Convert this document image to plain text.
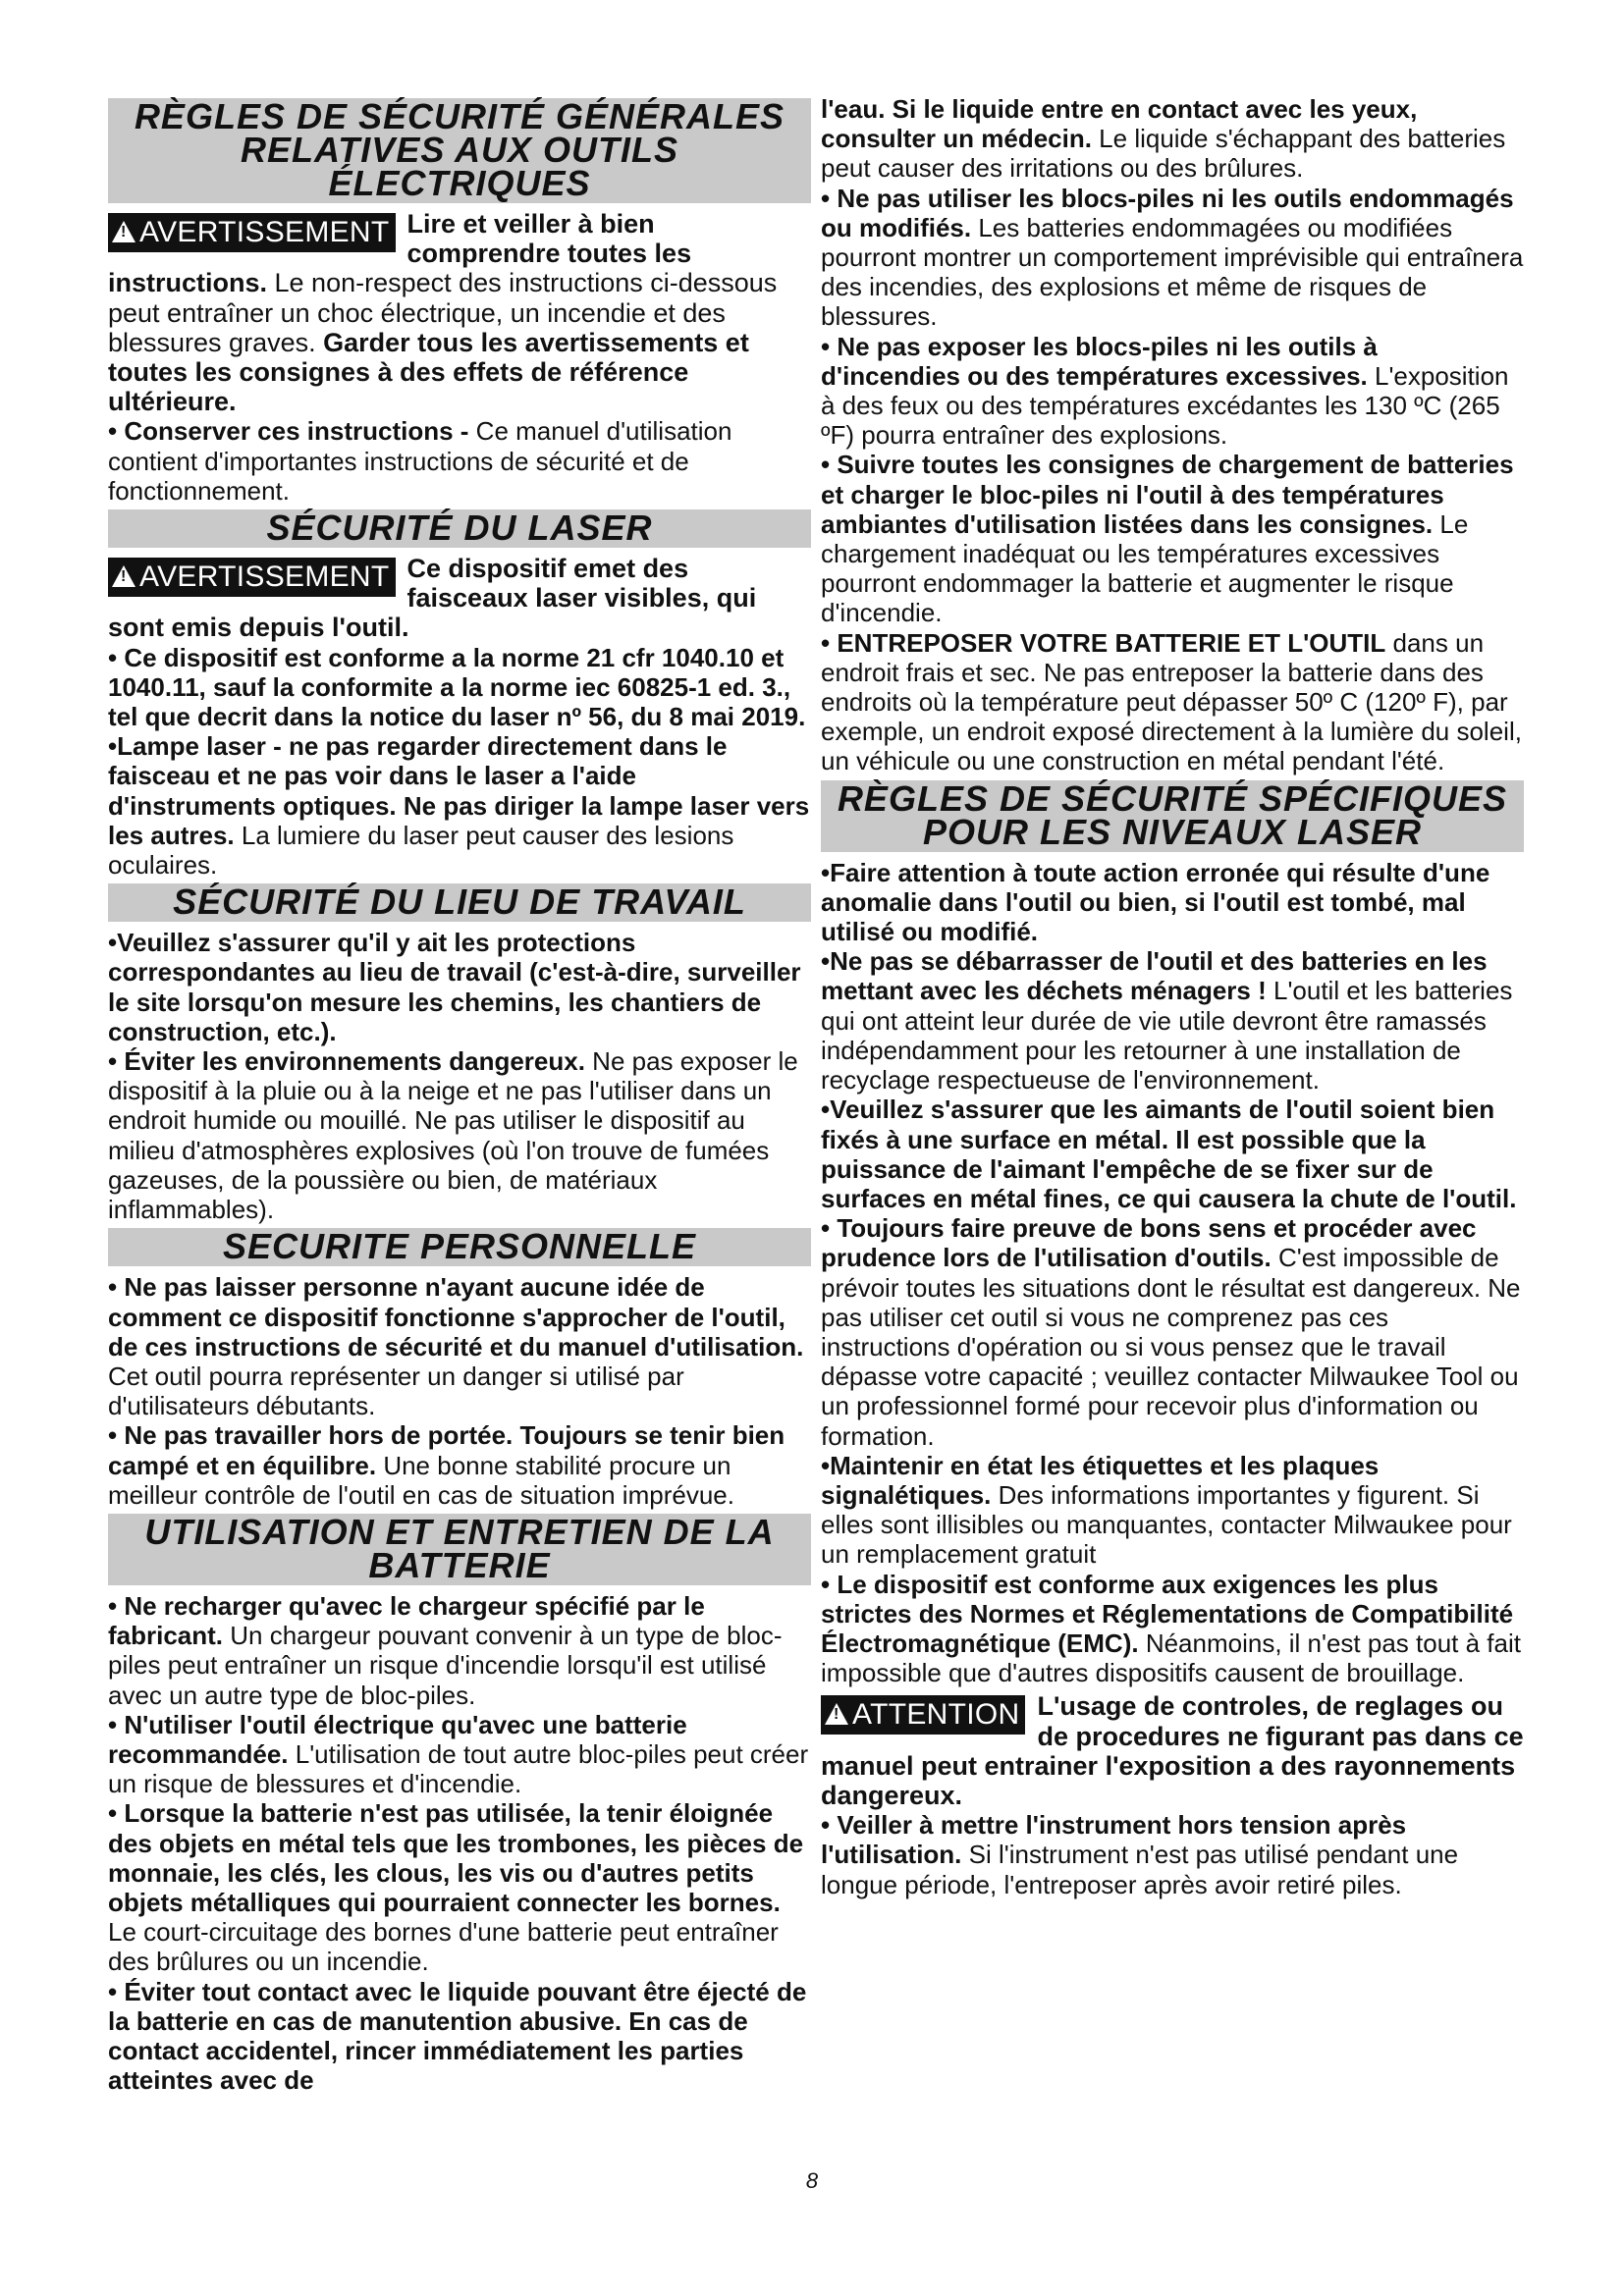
RÈGLES DE SÉCURITÉ GÉNÉRALES RELATIVES AUX OUTILS ÉLECTRIQUES
!AVERTISSEMENT Lire et veiller à bien comprendre toutes les instructions. Le non-respect des instructions ci-dessous peut entraîner un choc électrique, un incendie et des blessures graves. Garder tous les avertissements et toutes les consignes à des effets de référence ultérieure.

• Conserver ces instructions - Ce manuel d'utilisation contient d'importantes instructions de sécurité et de fonctionnement.

SÉCURITÉ DU LASER
!AVERTISSEMENT Ce dispositif emet des faisceaux laser visibles, qui sont emis depuis l'outil.

• Ce dispositif est conforme a la norme 21 cfr 1040.10 et 1040.11, sauf la conformite a la norme iec 60825-1 ed. 3., tel que decrit dans la notice du laser nº 56, du 8 mai 2019.

•Lampe laser - ne pas regarder directement dans le faisceau et ne pas voir dans le laser a l'aide d'instruments optiques. Ne pas diriger la lampe laser vers les autres. La lumiere du laser peut causer des lesions oculaires.

SÉCURITÉ DU LIEU DE TRAVAIL

•Veuillez s'assurer qu'il y ait les protections correspondantes au lieu de travail (c'est-à-dire, surveiller le site lorsqu'on mesure les chemins, les chantiers de construction, etc.).

• Éviter les environnements dangereux. Ne pas exposer le dispositif à la pluie ou à la neige et ne pas l'utiliser dans un endroit humide ou mouillé. Ne pas utiliser le dispositif au milieu d'atmosphères explosives (où l'on trouve de fumées gazeuses, de la poussière ou bien, de matériaux inflammables).

SECURITE PERSONNELLE

• Ne pas laisser personne n'ayant aucune idée de comment ce dispositif fonctionne s'approcher de l'outil, de ces instructions de sécurité et du manuel d'utilisation. Cet outil pourra représenter un danger si utilisé par d'utilisateurs débutants.

• Ne pas travailler hors de portée. Toujours se tenir bien campé et en équilibre. Une bonne stabilité procure un meilleur contrôle de l'outil en cas de situation imprévue.

UTILISATION ET ENTRETIEN DE LA BATTERIE

• Ne recharger qu'avec le chargeur spécifié par le fabricant. Un chargeur pouvant convenir à un type de bloc-piles peut entraîner un risque d'incendie lorsqu'il est utilisé avec un autre type de bloc-piles.

• N'utiliser l'outil électrique qu'avec une batterie recommandée. L'utilisation de tout autre bloc-piles peut créer un risque de blessures et d'incendie.

• Lorsque la batterie n'est pas utilisée, la tenir éloignée des objets en métal tels que les trombones, les pièces de monnaie, les clés, les clous, les vis ou d'autres petits objets métalliques qui pourraient connecter les bornes. Le court-circuitage des bornes d'une batterie peut entraîner des brûlures ou un incendie.

• Éviter tout contact avec le liquide pouvant être éjecté de la batterie en cas de manutention abusive. En cas de contact accidentel, rincer immédiatement les parties atteintes avec de

l'eau. Si le liquide entre en contact avec les yeux, consulter un médecin. Le liquide s'échappant des batteries peut causer des irritations ou des brûlures.

• Ne pas utiliser les blocs-piles ni les outils endommagés ou modifiés. Les batteries endommagées ou modifiées pourront montrer un comportement imprévisible qui entraînera des incendies, des explosions et même de risques de blessures.

• Ne pas exposer les blocs-piles ni les outils à d'incendies ou des températures excessives. L'exposition à des feux ou des températures excédantes les 130 ºC (265 ºF) pourra entraîner des explosions.

• Suivre toutes les consignes de chargement de batteries et charger le bloc-piles ni l'outil à des températures ambiantes d'utilisation listées dans les consignes. Le chargement inadéquat ou les températures excessives pourront endommager la batterie et augmenter le risque d'incendie.

• ENTREPOSER VOTRE BATTERIE ET L'OUTIL dans un endroit frais et sec. Ne pas entreposer la batterie dans des endroits où la température peut dépasser 50º C (120º F), par exemple, un endroit exposé directement à la lumière du soleil, un véhicule ou une construction en métal pendant l'été.

RÈGLES DE SÉCURITÉ SPÉCIFIQUES POUR LES NIVEAUX LASER

•Faire attention à toute action erronée qui résulte d'une anomalie dans l'outil ou bien, si l'outil est tombé, mal utilisé ou modifié.

•Ne pas se débarrasser de l'outil et des batteries en les mettant avec les déchets ménagers ! L'outil et les batteries qui ont atteint leur durée de vie utile devront être ramassés indépendamment pour les retourner à une installation de recyclage respectueuse de l'environnement.

•Veuillez s'assurer que les aimants de l'outil soient bien fixés à une surface en métal. Il est possible que la puissance de l'aimant l'empêche de se fixer sur de surfaces en métal fines, ce qui causera la chute de l'outil.

• Toujours faire preuve de bons sens et procéder avec prudence lors de l'utilisation d'outils. C'est impossible de prévoir toutes les situations dont le résultat est dangereux. Ne pas utiliser cet outil si vous ne comprenez pas ces instructions d'opération ou si vous pensez que le travail dépasse votre capacité ; veuillez contacter Milwaukee Tool ou un professionnel formé pour recevoir plus d'information ou formation.

•Maintenir en état les étiquettes et les plaques signalétiques. Des informations importantes y figurent. Si elles sont illisibles ou manquantes, contacter Milwaukee pour un remplacement gratuit

• Le dispositif est conforme aux exigences les plus strictes des Normes et Réglementations de Compatibilité Électromagnétique (EMC). Néanmoins, il n'est pas tout à fait impossible que d'autres dispositifs causent de brouillage.

!ATTENTION L'usage de controles, de reglages ou de procedures ne figurant pas dans ce manuel peut entrainer l'exposition a des rayonnements dangereux.

• Veiller à mettre l'instrument hors tension après l'utilisation. Si l'instrument n'est pas utilisé pendant une longue période, l'entreposer après avoir retiré piles.

8
